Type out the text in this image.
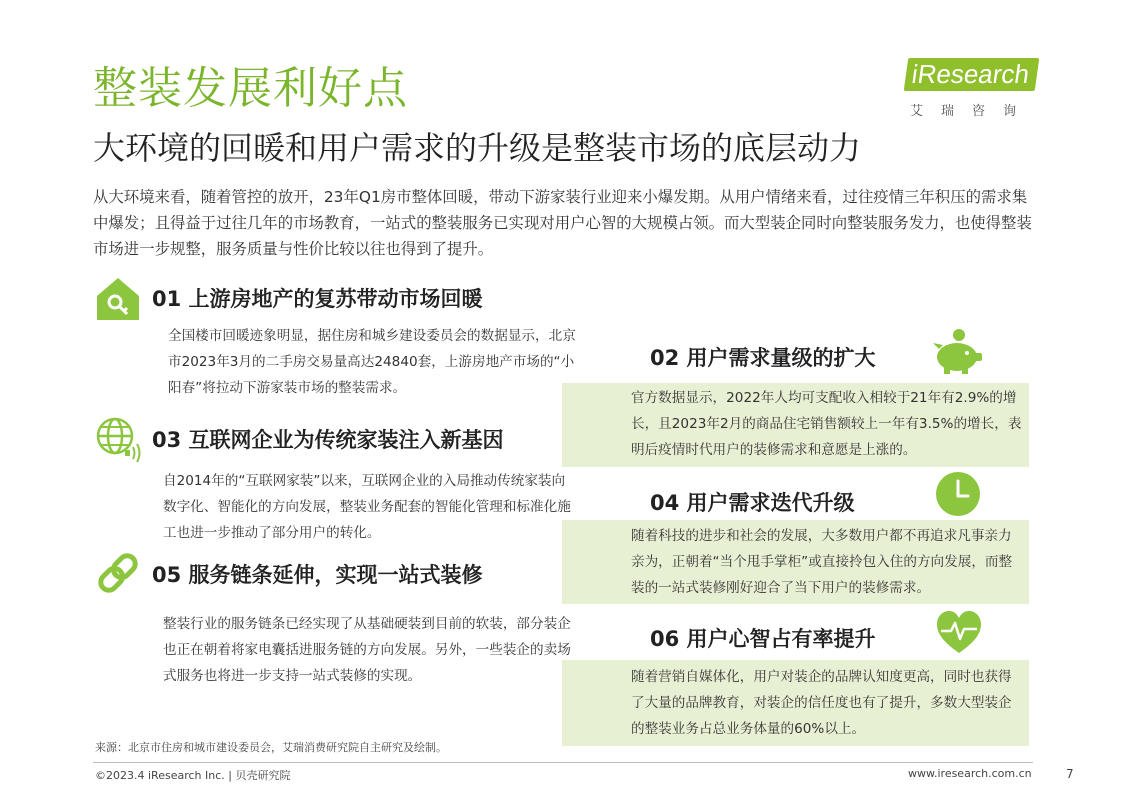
整装发展利好点
大环境的回暖和用户需求的升级是整装市场的底层动力
iResearch
艾瑞咨询
从大环境来看，随着管控的放开，23年Q1房市整体回暖，带动下游家装行业迎来小爆发期。从用户情绪来看，过往疫情三年积压的需求集中爆发；且得益于过往几年的市场教育，一站式的整装服务已实现对用户心智的大规模占领。而大型装企同时向整装服务发力，也使得整装市场进一步规整，服务质量与性价比较以往也得到了提升。
01 上游房地产的复苏带动市场回暖
全国楼市回暖迹象明显，据住房和城乡建设委员会的数据显示，北京市2023年3月的二手房交易量高达24840套，上游房地产市场的“小阳春”将拉动下游家装市场的整装需求。
03 互联网企业为传统家装注入新基因
自2014年的“互联网家装”以来，互联网企业的入局推动传统家装向数字化、智能化的方向发展，整装业务配套的智能化管理和标准化施工也进一步推动了部分用户的转化。
05 服务链条延伸，实现一站式装修
整装行业的服务链条已经实现了从基础硬装到目前的软装，部分装企也正在朝着将家电囊括进服务链的方向发展。另外，一些装企的卖场式服务也将进一步支持一站式装修的实现。
02 用户需求量级的扩大
官方数据显示，2022年人均可支配收入相较于21年有2.9%的增长，且2023年2月的商品住宅销售额较上一年有3.5%的增长，表明后疫情时代用户的装修需求和意愿是上涨的。
04 用户需求迭代升级
随着科技的进步和社会的发展，大多数用户都不再追求凡事亲力亲为，正朝着“当个甩手掌柜”或直接拎包入住的方向发展，而整装的一站式装修刚好迎合了当下用户的装修需求。
06 用户心智占有率提升
随着营销自媒体化，用户对装企的品牌认知度更高，同时也获得了大量的品牌教育，对装企的信任度也有了提升，多数大型装企的整装业务占总业务体量的60%以上。
来源：北京市住房和城市建设委员会，艾瑞消费研究院自主研究及绘制。
©2023.4 iResearch Inc. | 贝壳研究院	www.iresearch.com.cn	7
